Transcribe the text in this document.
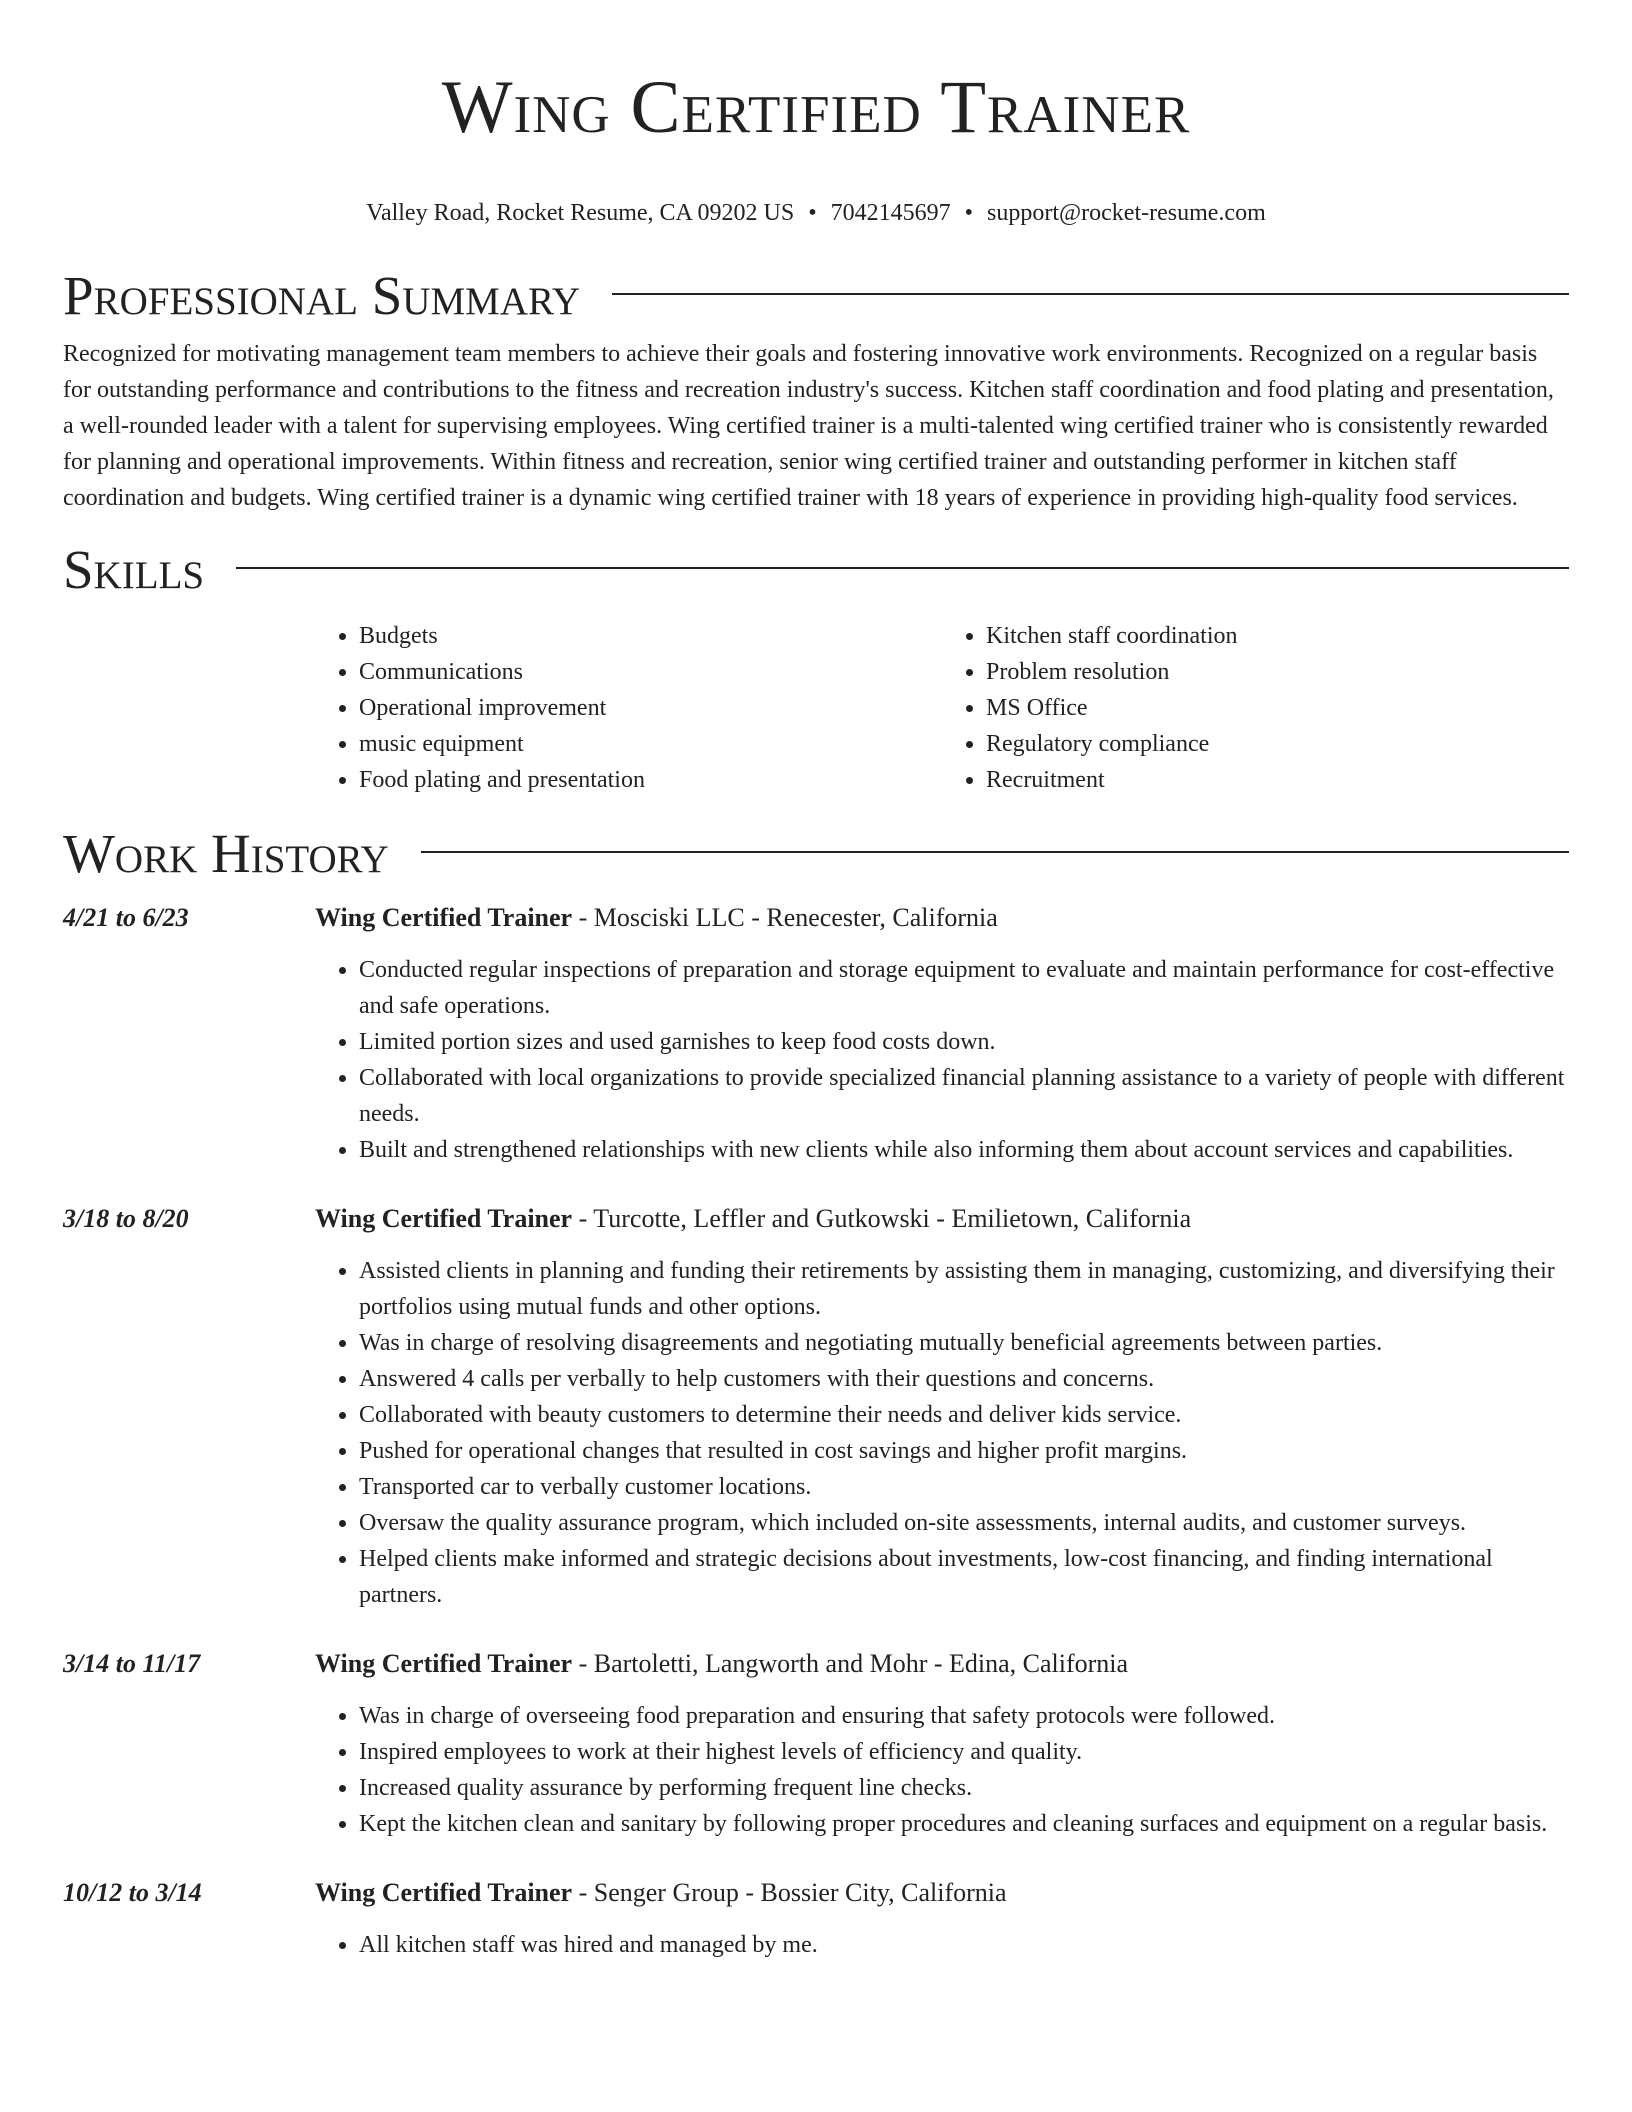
Wing Certified Trainer
Valley Road, Rocket Resume, CA 09202 US • 7042145697 • support@rocket-resume.com
Professional Summary

Recognized for motivating management team members to achieve their goals and fostering innovative work environments. Recognized on a regular basis for outstanding performance and contributions to the fitness and recreation industry's success. Kitchen staff coordination and food plating and presentation, a well-rounded leader with a talent for supervising employees. Wing certified trainer is a multi-talented wing certified trainer who is consistently rewarded for planning and operational improvements. Within fitness and recreation, senior wing certified trainer and outstanding performer in kitchen staff coordination and budgets. Wing certified trainer is a dynamic wing certified trainer with 18 years of experience in providing high-quality food services.

Skills
• Budgets
• Communications
• Operational improvement
• music equipment
• Food plating and presentation
• Kitchen staff coordination
• Problem resolution
• MS Office
• Regulatory compliance
• Recruitment
Work History
4/21 to 6/23	Wing Certified Trainer - Mosciski LLC - Renecester, California
• Conducted regular inspections of preparation and storage equipment to evaluate and maintain performance for cost-effective and safe operations.
• Limited portion sizes and used garnishes to keep food costs down.
• Collaborated with local organizations to provide specialized financial planning assistance to a variety of people with different needs.
• Built and strengthened relationships with new clients while also informing them about account services and capabilities.
3/18 to 8/20	Wing Certified Trainer - Turcotte, Leffler and Gutkowski - Emilietown, California
• Assisted clients in planning and funding their retirements by assisting them in managing, customizing, and diversifying their portfolios using mutual funds and other options.
• Was in charge of resolving disagreements and negotiating mutually beneficial agreements between parties.
• Answered 4 calls per verbally to help customers with their questions and concerns.
• Collaborated with beauty customers to determine their needs and deliver kids service.
• Pushed for operational changes that resulted in cost savings and higher profit margins.
• Transported car to verbally customer locations.
• Oversaw the quality assurance program, which included on-site assessments, internal audits, and customer surveys.
• Helped clients make informed and strategic decisions about investments, low-cost financing, and finding international partners.
3/14 to 11/17	Wing Certified Trainer - Bartoletti, Langworth and Mohr - Edina, California
• Was in charge of overseeing food preparation and ensuring that safety protocols were followed.
• Inspired employees to work at their highest levels of efficiency and quality.
• Increased quality assurance by performing frequent line checks.
• Kept the kitchen clean and sanitary by following proper procedures and cleaning surfaces and equipment on a regular basis.
10/12 to 3/14	Wing Certified Trainer - Senger Group - Bossier City, California
• All kitchen staff was hired and managed by me.
